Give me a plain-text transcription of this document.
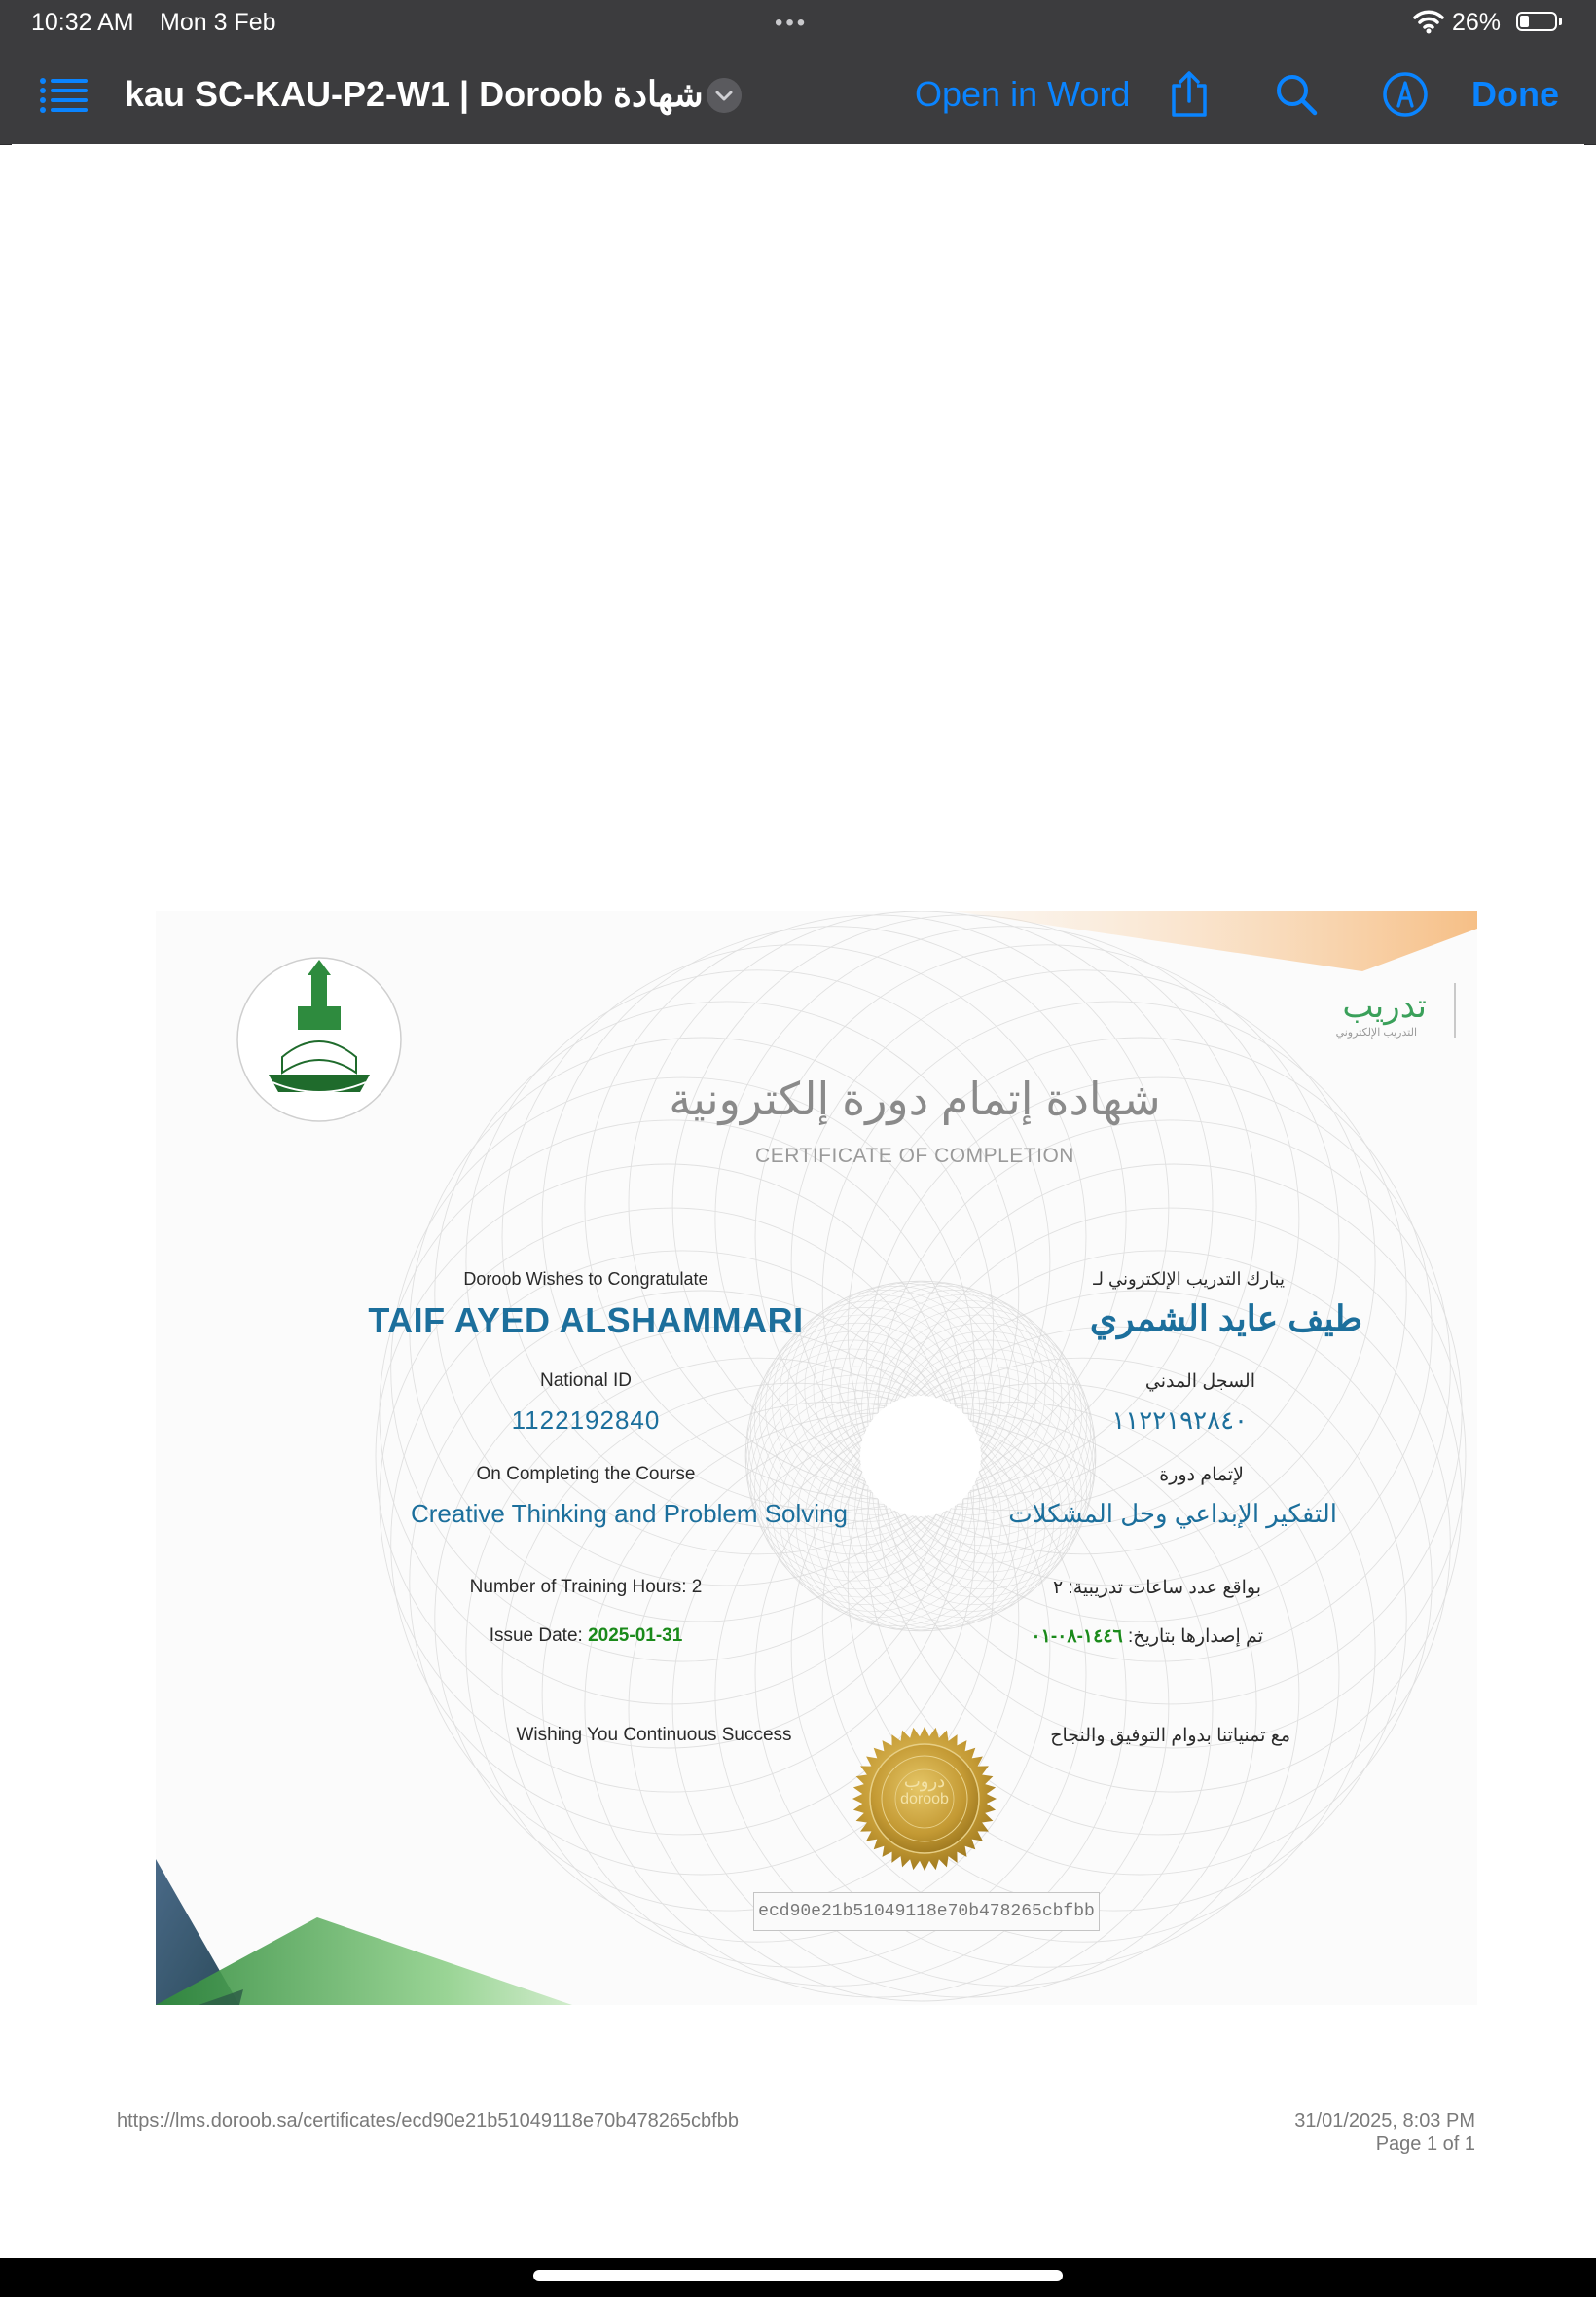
10:32 AM Mon 3 Feb	•••	26%
kau SC-KAU-P2-W1 | Doroob شهادة	Open in Word	Done
تدريب
التدريب الإلكتروني
شهادة إتمام دورة إلكترونية
CERTIFICATE OF COMPLETION
Doroob Wishes to Congratulate	يبارك التدريب الإلكتروني لـ
TAIF AYED ALSHAMMARI	طيف عايد الشمري
National ID	السجل المدني
1122192840	١١٢٢١٩٢٨٤٠
On Completing the Course	لإتمام دورة
Creative Thinking and Problem Solving	التفكير الإبداعي وحل المشكلات
Number of Training Hours: 2	بواقع عدد ساعات تدريبية: ٢
Issue Date: 2025-01-31	تم إصدارها بتاريخ: ١٤٤٦-٠٨-٠١
Wishing You Continuous Success	مع تمنياتنا بدوام التوفيق والنجاح
دروب
doroob
ecd90e21b51049118e70b478265cbfbb
https://lms.doroob.sa/certificates/ecd90e21b51049118e70b478265cbfbb	31/01/2025, 8:03 PM
Page 1 of 1
